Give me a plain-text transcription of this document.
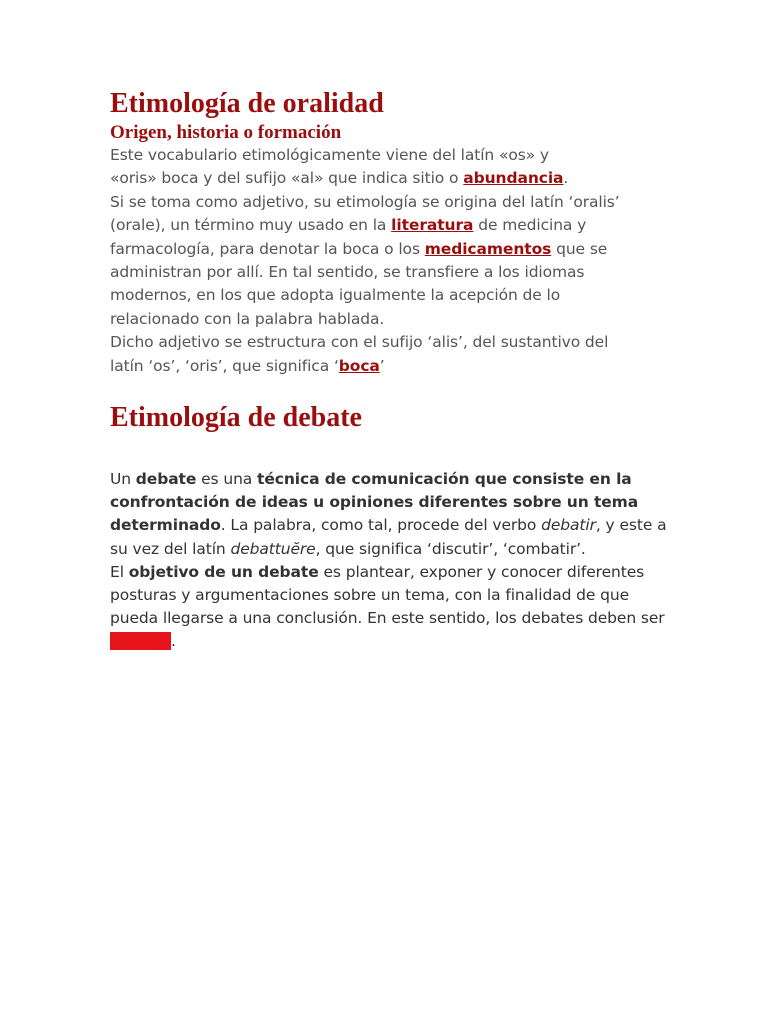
Etimología de oralidad
Origen, historia o formación

Este vocabulario etimológicamente viene del latín «os» y
«oris» boca y del sufijo «al» que indica sitio o abundancia.

Si se toma como adjetivo, su etimología se origina del latín ‘oralis’
(orale), un término muy usado en la literatura de medicina y
farmacología, para denotar la boca o los medicamentos que se
administran por allí. En tal sentido, se transfiere a los idiomas
modernos, en los que adopta igualmente la acepción de lo
relacionado con la palabra hablada.

Dicho adjetivo se estructura con el sufijo ‘alis’, del sustantivo del
latín ‘os’, ‘oris’, que significa ‘boca’

Etimología de debate

Un debate es una técnica de comunicación que consiste en la confrontación de ideas u opiniones diferentes sobre un tema determinado. La palabra, como tal, procede del verbo debatir, y este a su vez del latín debattuĕre, que significa ‘discutir’, ‘combatir’.

El objetivo de un debate es plantear, exponer y conocer diferentes posturas y argumentaciones sobre un tema, con la finalidad de que pueda llegarse a una conclusión. En este sentido, los debates deben ser plurales.
